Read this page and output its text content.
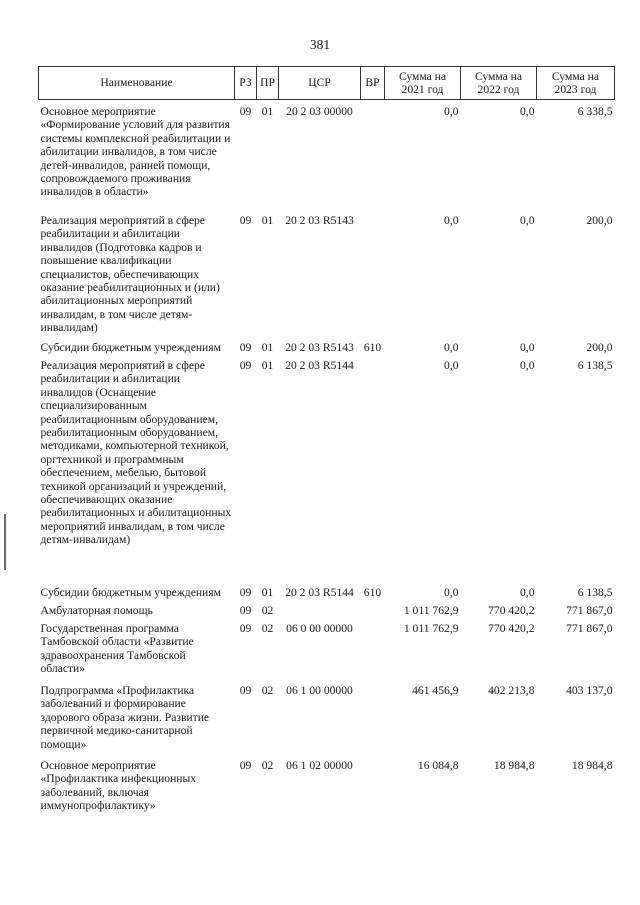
381
Наименование	РЗ	ПР	ЦСР	ВР	Сумма на 2021 год	Сумма на 2022 год	Сумма на 2023 год

Основное мероприятие «Формирование условий для развития системы комплексной реабилитации и абилитации инвалидов, в том числе детей-инвалидов, ранней помощи, сопровождаемого проживания инвалидов в области»	09	01	20 2 03 00000		0,0	0,0	6 338,5
Реализация мероприятий в сфере реабилитации и абилитации инвалидов (Подготовка кадров и повышение квалификации специалистов, обеспечивающих оказание реабилитационных и (или) абилитационных мероприятий инвалидам, в том числе детям-инвалидам)	09	01	20 2 03 R5143		0,0	0,0	200,0
Субсидии бюджетным учреждениям	09	01	20 2 03 R5143	610	0,0	0,0	200,0
Реализация мероприятий в сфере реабилитации и абилитации инвалидов (Оснащение специализированным реабилитационным оборудованием, реабилитационным оборудованием, методиками, компьютерной техникой, оргтехникой и программным обеспечением, мебелью, бытовой техникой организаций и учреждений, обеспечивающих оказание реабилитационных и абилитационных мероприятий инвалидам, в том числе детям-инвалидам)	09	01	20 2 03 R5144		0,0	0,0	6 138,5
Субсидии бюджетным учреждениям	09	01	20 2 03 R5144	610	0,0	0,0	6 138,5
Амбулаторная помощь	09	02			1 011 762,9	770 420,2	771 867,0
Государственная программа Тамбовской области «Развитие здравоохранения Тамбовской области»	09	02	06 0 00 00000		1 011 762,9	770 420,2	771 867,0
Подпрограмма «Профилактика заболеваний и формирование здорового образа жизни. Развитие первичной медико-санитарной помощи»	09	02	06 1 00 00000		461 456,9	402 213,8	403 137,0
Основное мероприятие «Профилактика инфекционных заболеваний, включая иммунопрофилактику»	09	02	06 1 02 00000		16 084,8	18 984,8	18 984,8
